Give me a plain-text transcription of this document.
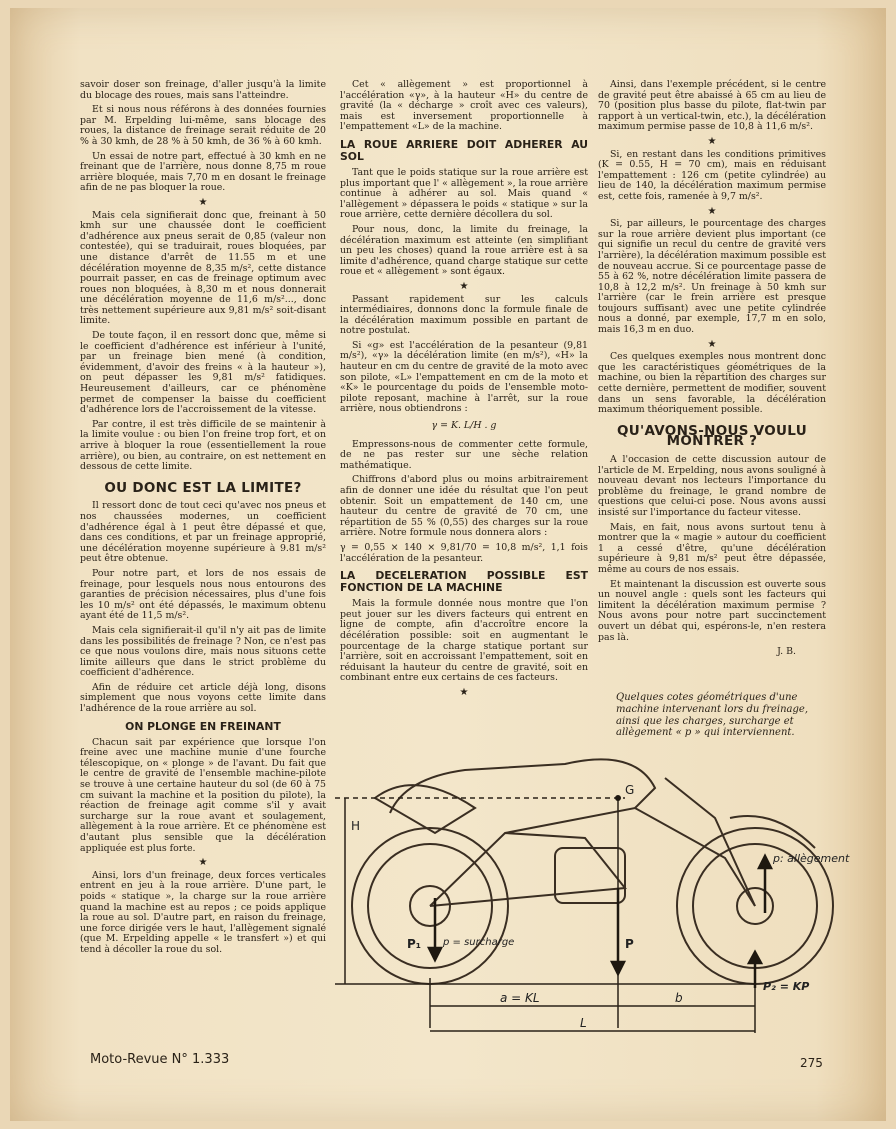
savoir doser son freinage, d'aller jusqu'à la limite du blocage des roues, mais sans l'atteindre.

Et si nous nous référons à des données fournies par M. Erpelding lui-même, sans blocage des roues, la distance de freinage serait réduite de 20 % à 30 kmh, de 28 % à 50 kmh, de 36 % à 60 kmh.

Un essai de notre part, effectué à 30 kmh en ne freinant que de l'arrière, nous donne 8,75 m roue arrière bloquée, mais 7,70 m en dosant le freinage afin de ne pas bloquer la roue.

★

Mais cela signifierait donc que, freinant à 50 kmh sur une chaussée dont le coefficient d'adhérence aux pneus serait de 0,85 (valeur non contestée), qui se traduirait, roues bloquées, par une distance d'arrêt de 11.55 m et une décélération moyenne de 8,35 m/s², cette distance pourrait passer, en cas de freinage optimum avec roues non bloquées, à 8,30 m et nous donnerait une décélération moyenne de 11,6 m/s²..., donc très nettement supérieure aux 9,81 m/s² soit-disant limite.

De toute façon, il en ressort donc que, même si le coefficient d'adhérence est inférieur à l'unité, par un freinage bien mené (à condition, évidemment, d'avoir des freins « à la hauteur »), on peut dépasser les 9,81 m/s² fatidiques. Heureusement d'ailleurs, car ce phénomène permet de compenser la baisse du coefficient d'adhérence lors de l'accroissement de la vitesse.

Par contre, il est très difficile de se maintenir à la limite voulue : ou bien l'on freine trop fort, et on arrive à bloquer la roue (essentiellement la roue arrière), ou bien, au contraire, on est nettement en dessous de cette limite.

OU DONC EST LA LIMITE?

Il ressort donc de tout ceci qu'avec nos pneus et nos chaussées modernes, un coefficient d'adhérence égal à 1 peut être dépassé et que, dans ces conditions, et par un freinage approprié, une décélération moyenne supérieure à 9.81 m/s² peut être obtenue.

Pour notre part, et lors de nos essais de freinage, pour lesquels nous nous entourons des garanties de précision nécessaires, plus d'une fois les 10 m/s² ont été dépassés, le maximum obtenu ayant été de 11,5 m/s².

Mais cela signifierait-il qu'il n'y ait pas de limite dans les possibilités de freinage ? Non, ce n'est pas ce que nous voulons dire, mais nous situons cette limite ailleurs que dans le strict problème du coefficient d'adhérence.

Afin de réduire cet article déjà long, disons simplement que nous voyons cette limite dans l'adhérence de la roue arrière au sol.

ON PLONGE EN FREINANT

Chacun sait par expérience que lorsque l'on freine avec une machine munie d'une fourche télescopique, on « plonge » de l'avant. Du fait que le centre de gravité de l'ensemble machine-pilote se trouve à une certaine hauteur du sol (de 60 à 75 cm suivant la machine et la position du pilote), la réaction de freinage agit comme s'il y avait surcharge sur la roue avant et soulagement, allègement à la roue arrière. Et ce phénomène est d'autant plus sensible que la décélération appliquée est plus forte.

★

Ainsi, lors d'un freinage, deux forces verticales entrent en jeu à la roue arrière. D'une part, le poids « statique », la charge sur la roue arrière quand la machine est au repos ; ce poids applique la roue au sol. D'autre part, en raison du freinage, une force dirigée vers le haut, l'allègement signalé (que M. Erpelding appelle « le transfert ») et qui tend à décoller la roue du sol.

Cet « allègement » est proportionnel à l'accélération «γ», à la hauteur «H» du centre de gravité (la « décharge » croît avec ces valeurs), mais est inversement proportionnelle à l'empattement «L» de la machine.

LA ROUE ARRIERE DOIT ADHERER AU SOL

Tant que le poids statique sur la roue arrière est plus important que l' « allègement », la roue arrière continue à adhérer au sol. Mais quand « l'allègement » dépassera le poids « statique » sur la roue arrière, cette dernière décollera du sol.

Pour nous, donc, la limite du freinage, la décélération maximum est atteinte (en simplifiant un peu les choses) quand la roue arrière est à sa limite d'adhérence, quand charge statique sur cette roue et « allègement » sont égaux.

★

Passant rapidement sur les calculs intermédiaires, donnons donc la formule finale de la décélération maximum possible en partant de notre postulat.

Si «g» est l'accélération de la pesanteur (9,81 m/s²), «γ» la décélération limite (en m/s²), «H» la hauteur en cm du centre de gravité de la moto avec son pilote, «L» l'empattement en cm de la moto et «K» le pourcentage du poids de l'ensemble moto-pilote reposant, machine à l'arrêt, sur la roue arrière, nous obtiendrons :

γ = K. L/H . g

Empressons-nous de commenter cette formule, de ne pas rester sur une sèche relation mathématique.

Chiffrons d'abord plus ou moins arbitrairement afin de donner une idée du résultat que l'on peut obtenir. Soit un empattement de 140 cm, une hauteur du centre de gravité de 70 cm, une répartition de 55 % (0,55) des charges sur la roue arrière. Notre formule nous donnera alors :

γ = 0,55 × 140 × 9,81/70 = 10,8 m/s², 1,1 fois l'accélération de la pesanteur.

LA DECELERATION POSSIBLE EST FONCTION DE LA MACHINE

Mais la formule donnée nous montre que l'on peut jouer sur les divers facteurs qui entrent en ligne de compte, afin d'accroître encore la décélération possible: soit en augmentant le pourcentage de la charge statique portant sur l'arrière, soit en accroissant l'empattement, soit en réduisant la hauteur du centre de gravité, soit en combinant entre eux certains de ces facteurs.

★

Ainsi, dans l'exemple précédent, si le centre de gravité peut être abaissé à 65 cm au lieu de 70 (position plus basse du pilote, flat-twin par rapport à un vertical-twin, etc.), la décélération maximum permise passe de 10,8 à 11,6 m/s².

★

Si, en restant dans les conditions primitives (K = 0.55, H = 70 cm), mais en réduisant l'empattement : 126 cm (petite cylindrée) au lieu de 140, la décélération maximum permise est, cette fois, ramenée à 9,7 m/s².

★

Si, par ailleurs, le pourcentage des charges sur la roue arrière devient plus important (ce qui signifie un recul du centre de gravité vers l'arrière), la décélération maximum possible est de nouveau accrue. Si ce pourcentage passe de 55 à 62 %, notre décélération limite passera de 10,8 à 12,2 m/s². Un freinage à 50 kmh sur l'arrière (car le frein arrière est presque toujours suffisant) avec une petite cylindrée nous a donné, par exemple, 17,7 m en solo, mais 16,3 m en duo.

★

Ces quelques exemples nous montrent donc que les caractéristiques géométriques de la machine, ou bien la répartition des charges sur cette dernière, permettent de modifier, souvent dans un sens favorable, la décélération maximum théoriquement possible.

QU'AVONS-NOUS VOULU MONTRER ?

A l'occasion de cette discussion autour de l'article de M. Erpelding, nous avons souligné à nouveau devant nos lecteurs l'importance du problème du freinage, le grand nombre de questions que celui-ci pose. Nous avons aussi insisté sur l'importance du facteur vitesse.

Mais, en fait, nous avons surtout tenu à montrer que la « magie » autour du coefficient 1 a cessé d'être, qu'une décélération supérieure à 9,81 m/s² peut être dépassée, même au cours de nos essais.

Et maintenant la discussion est ouverte sous un nouvel angle : quels sont les facteurs qui limitent la décélération maximum permise ? Nous avons pour notre part succinctement ouvert un débat qui, espérons-le, n'en restera pas là.

J. B.
Quelques cotes géométriques d'une machine intervenant lors du freinage, ainsi que les charges, surcharge et allègement « p » qui interviennent.
H
G
p: allègement
P₁ p = surcharge	P
P₂ = KP
a = KL	b
L
Moto-Revue N° 1.333	275
